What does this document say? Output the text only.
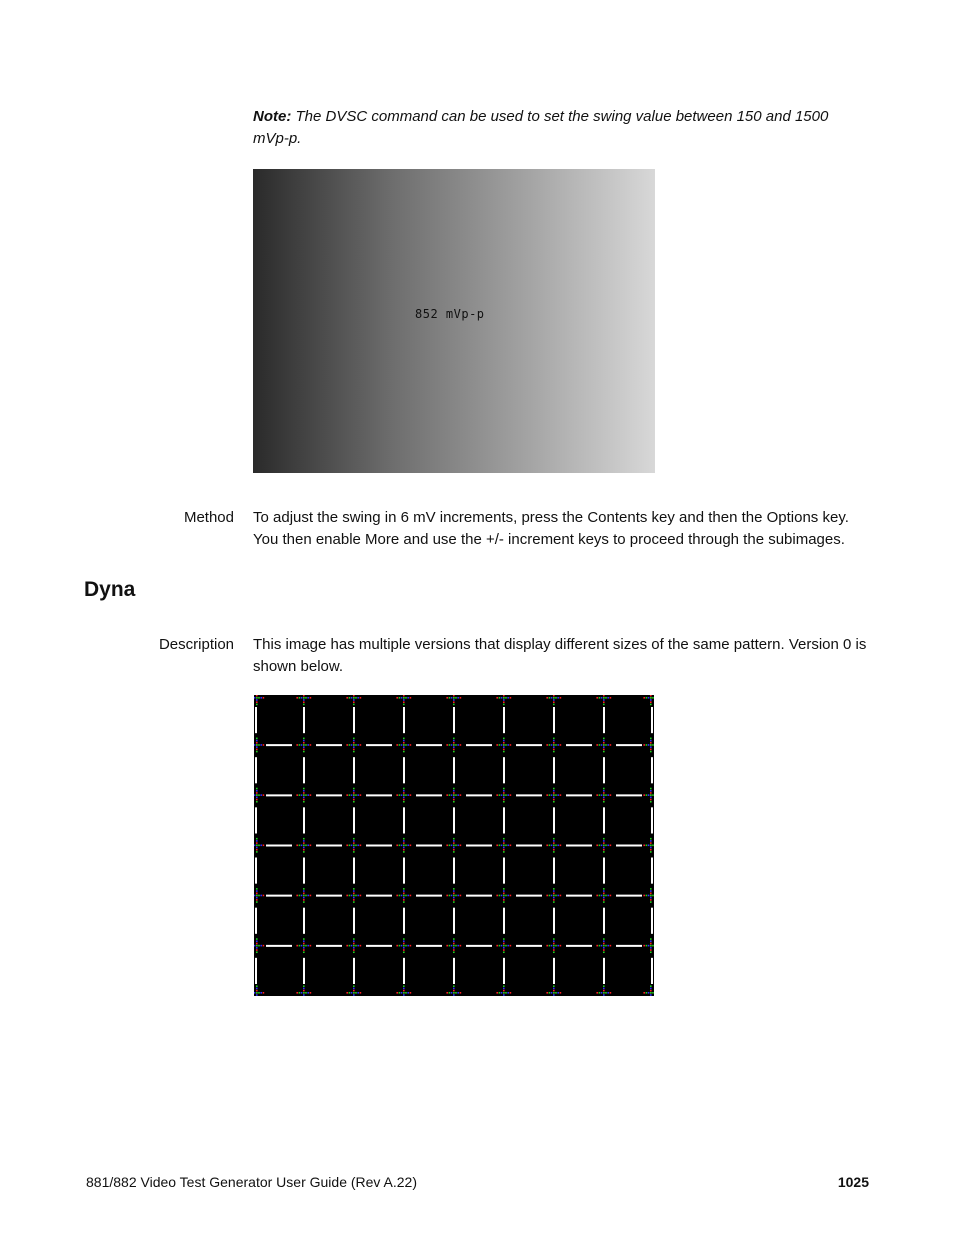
Note: The DVSC command can be used to set the swing value between 150 and 1500 mVp-p.
852 mVp-p
Method To adjust the swing in 6 mV increments, press the Contents key and then the Options key. You then enable More and use the +/- increment keys to proceed through the subimages.
Dyna
Description This image has multiple versions that display different sizes of the same pattern. Version 0 is shown below.
881/882 Video Test Generator User Guide (Rev A.22)	1025
